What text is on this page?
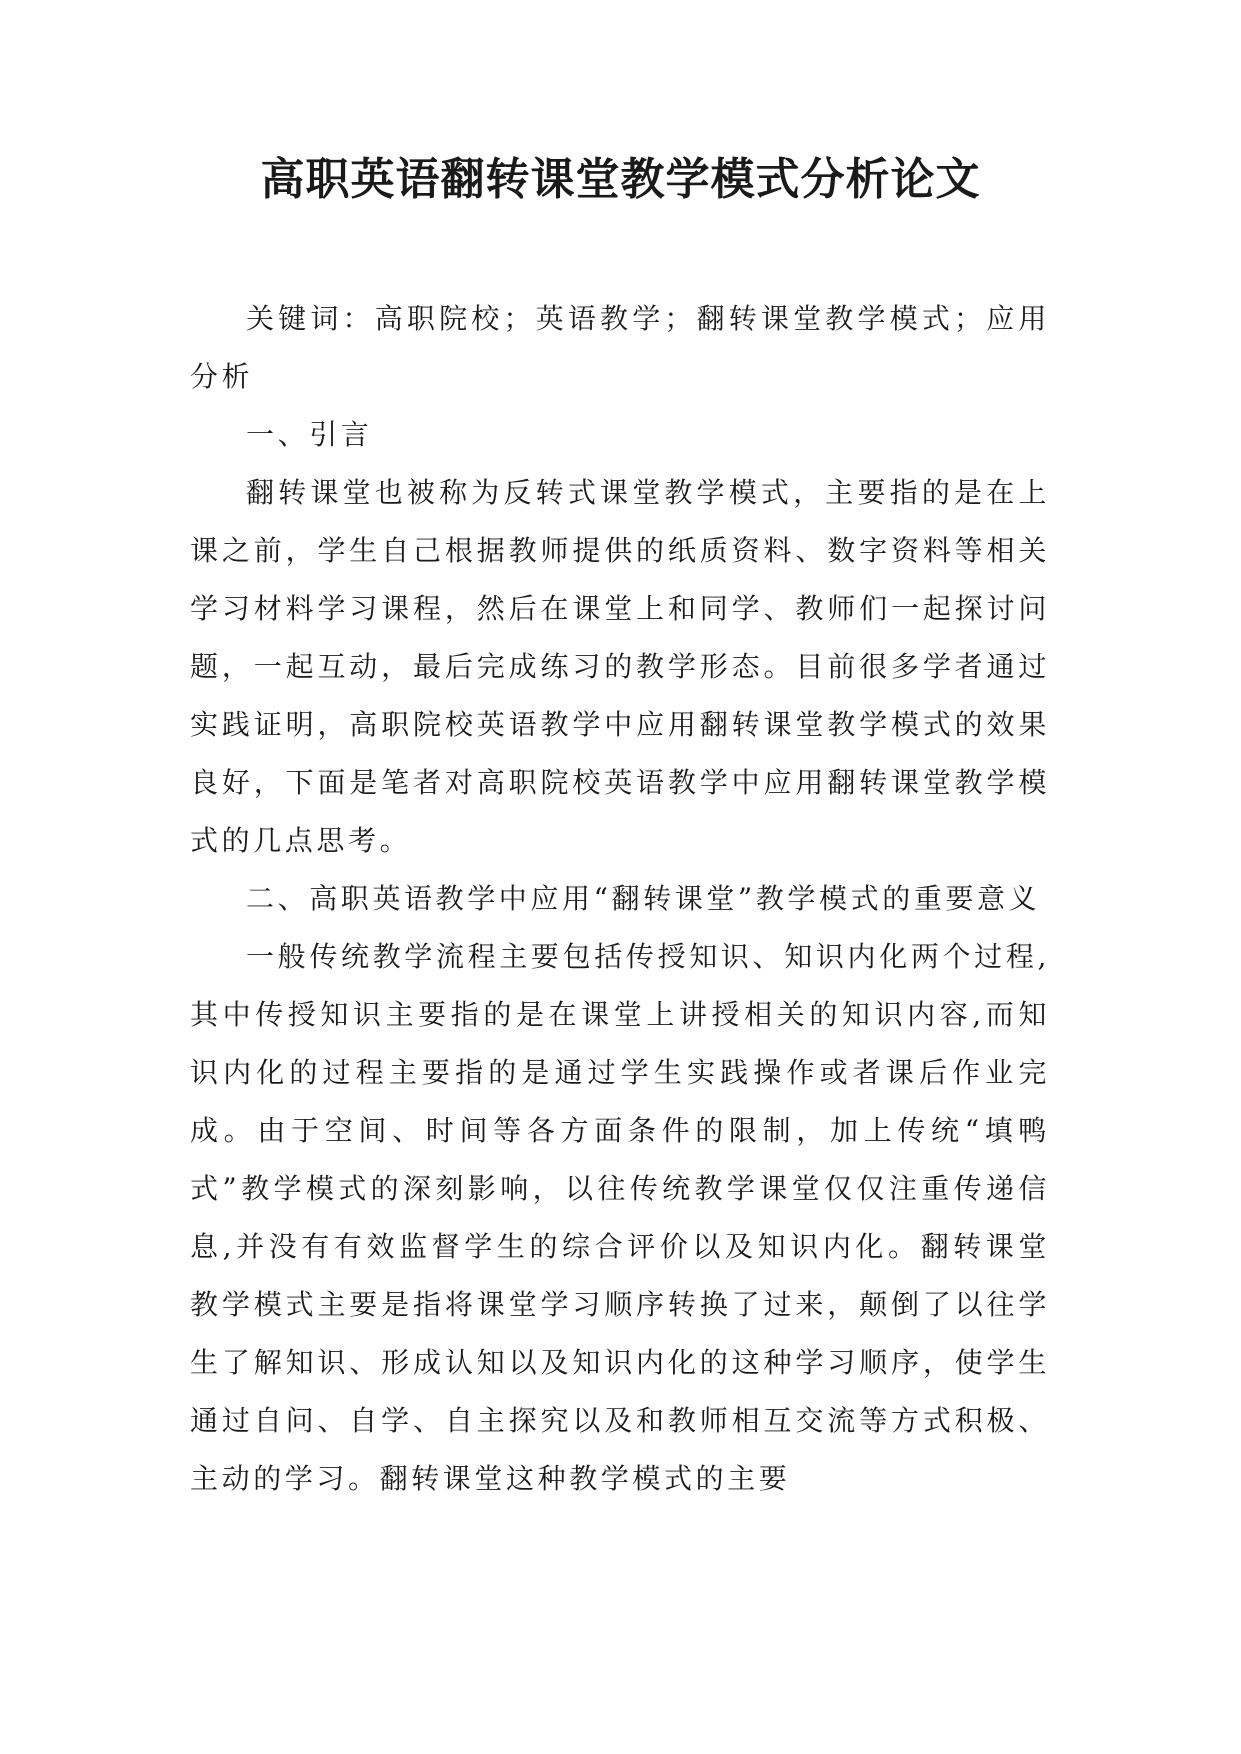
高职英语翻转课堂教学模式分析论文

关键词：高职院校；英语教学；翻转课堂教学模式；应用分析

一、引言

翻转课堂也被称为反转式课堂教学模式，主要指的是在上课之前，学生自己根据教师提供的纸质资料、数字资料等相关学习材料学习课程，然后在课堂上和同学、教师们一起探讨问题，一起互动，最后完成练习的教学形态。目前很多学者通过实践证明，高职院校英语教学中应用翻转课堂教学模式的效果良好，下面是笔者对高职院校英语教学中应用翻转课堂教学模式的几点思考。

二、高职英语教学中应用“翻转课堂”教学模式的重要意义

一般传统教学流程主要包括传授知识、知识内化两个过程,其中传授知识主要指的是在课堂上讲授相关的知识内容,而知识内化的过程主要指的是通过学生实践操作或者课后作业完成。由于空间、时间等各方面条件的限制，加上传统“填鸭式”教学模式的深刻影响，以往传统教学课堂仅仅注重传递信息,并没有有效监督学生的综合评价以及知识内化。翻转课堂教学模式主要是指将课堂学习顺序转换了过来，颠倒了以往学生了解知识、形成认知以及知识内化的这种学习顺序，使学生通过自问、自学、自主探究以及和教师相互交流等方式积极、主动的学习。翻转课堂这种教学模式的主要
